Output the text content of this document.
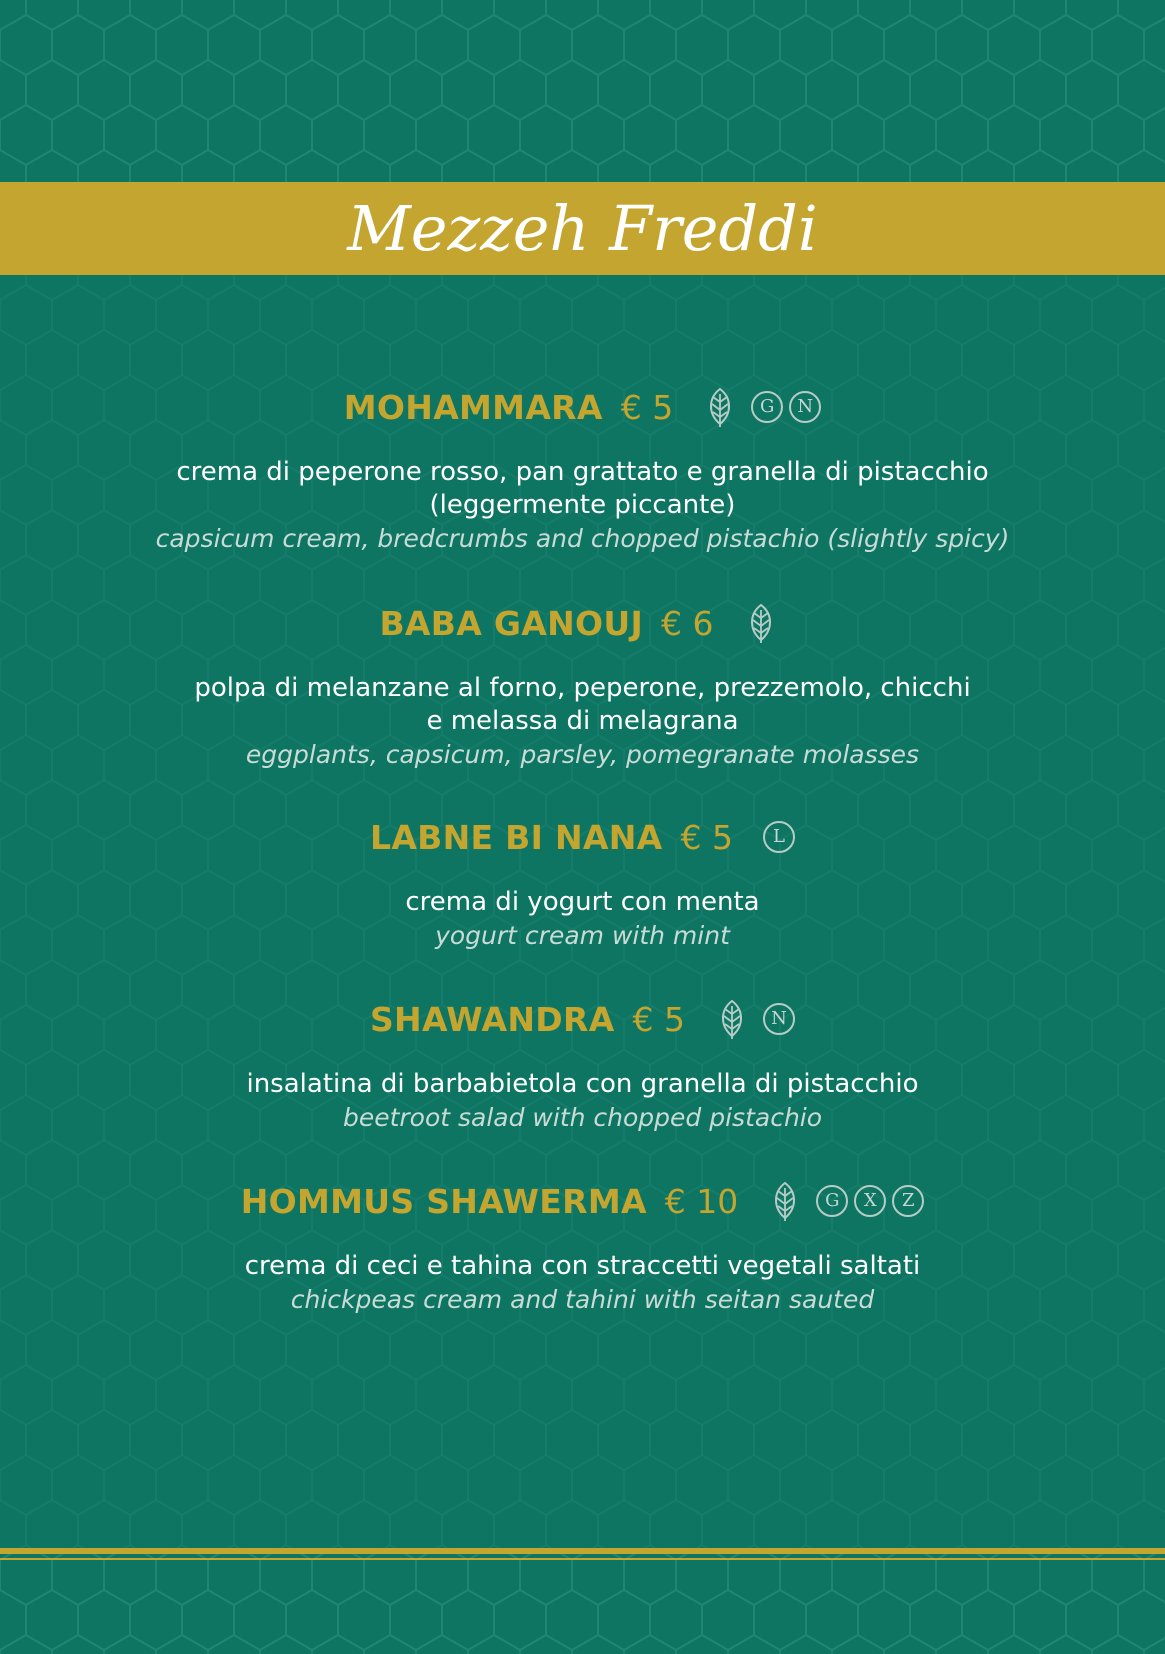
Mezzeh Freddi
MOHAMMARA € 5	G	N
crema di peperone rosso, pan grattato e granella di pistacchio
(leggermente piccante)
capsicum cream, bredcrumbs and chopped pistachio (slightly spicy)
BABA GANOUJ € 6
polpa di melanzane al forno, peperone, prezzemolo, chicchi
e melassa di melagrana
eggplants, capsicum, parsley, pomegranate molasses
LABNE BI NANA € 5	L
crema di yogurt con menta
yogurt cream with mint
SHAWANDRA € 5	N
insalatina di barbabietola con granella di pistacchio
beetroot salad with chopped pistachio
HOMMUS SHAWERMA € 10	G	X	Z
crema di ceci e tahina con straccetti vegetali saltati
chickpeas cream and tahini with seitan sauted
